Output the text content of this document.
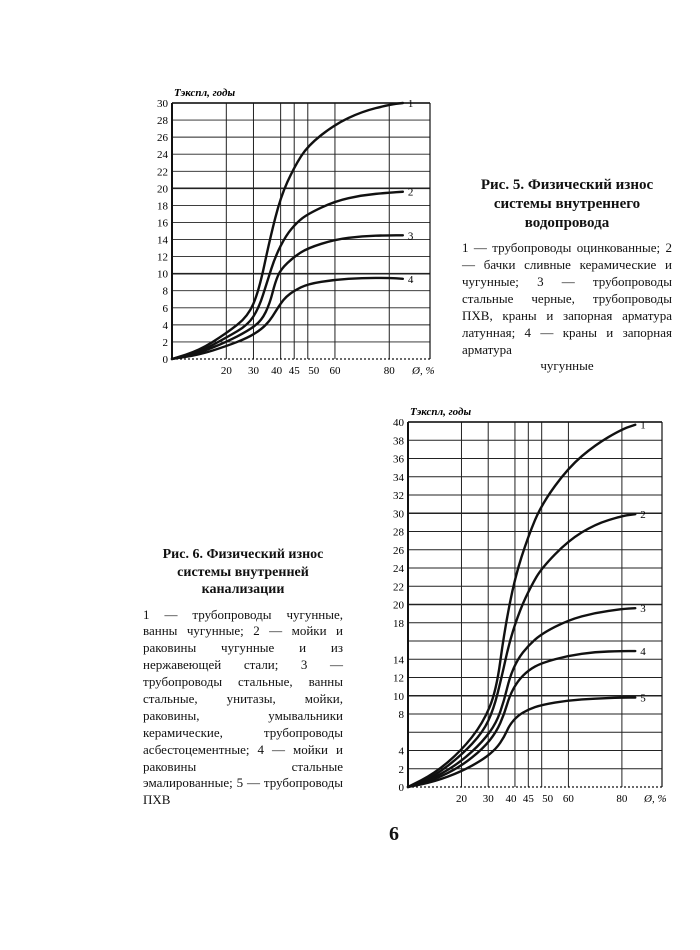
0
2
4
6
8
10
12
14
16
18
20
22
24
26
28
30
20 30 40 45 50 60	80
Tэкспл, годы
Ø, %
1
2
3
4
0
2
4
8
10
12
14
18
20
22
24
26
28
30
32
34
36
38
40
20 30 40 45 50 60	80
Tэкспл, годы
Ø, %
1
2
3
4
5
Рис. 5. Физический износ системы внутреннего водопровода
1 — трубопроводы оцинкованные; 2 — бачки сливные керамические и чугунные; 3 — трубопроводы стальные черные, трубопроводы ПХВ, краны и запорная арматура латунная; 4 — краны и запорная арматура
чугунные
Рис. 6. Физический износ системы внутренней канализации
1 — трубопроводы чугунные, ванны чугунные; 2 — мойки и раковины чугунные и из нержавеющей стали; 3 — трубопроводы стальные, ванны стальные, унитазы, мойки, раковины, умывальники керамические, трубопроводы асбестоцементные; 4 — мойки и раковины стальные эмалированные; 5 — трубопроводы ПХВ
6
